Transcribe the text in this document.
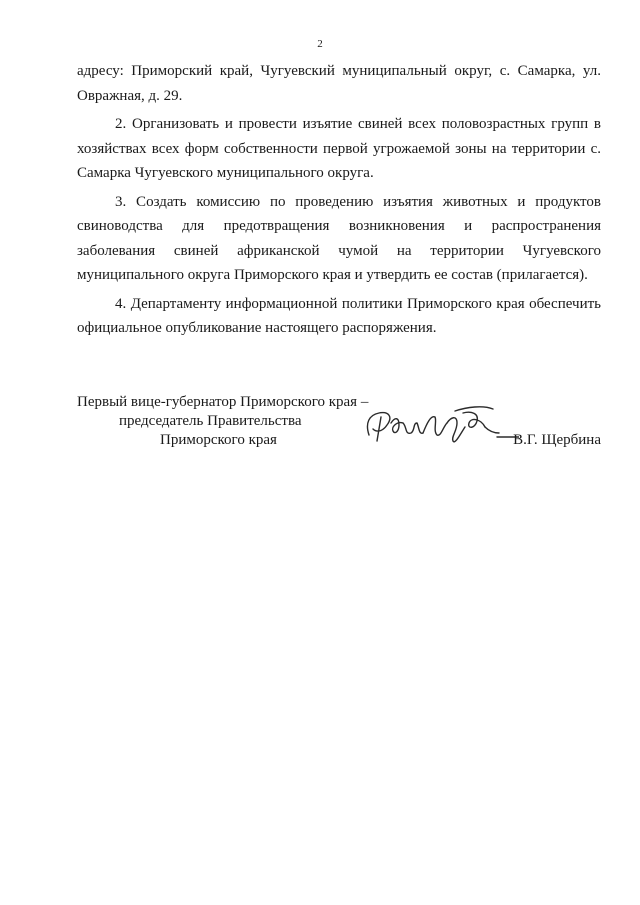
2

адресу: Приморский край, Чугуевский муниципальный округ, с. Самарка, ул. Овражная, д. 29.

2. Организовать и провести изъятие свиней всех половозрастных групп в хозяйствах всех форм собственности первой угрожаемой зоны на территории с. Самарка Чугуевского муниципального округа.

3. Создать комиссию по проведению изъятия животных и продуктов свиноводства для предотвращения возникновения и распространения заболевания свиней африканской чумой на территории Чугуевского муниципального округа Приморского края и утвердить ее состав (прилагается).

4. Департаменту информационной политики Приморского края обеспечить официальное опубликование настоящего распоряжения.

Первый вице-губернатор Приморского края –
председатель Правительства
Приморского края	В.Г. Щербина
